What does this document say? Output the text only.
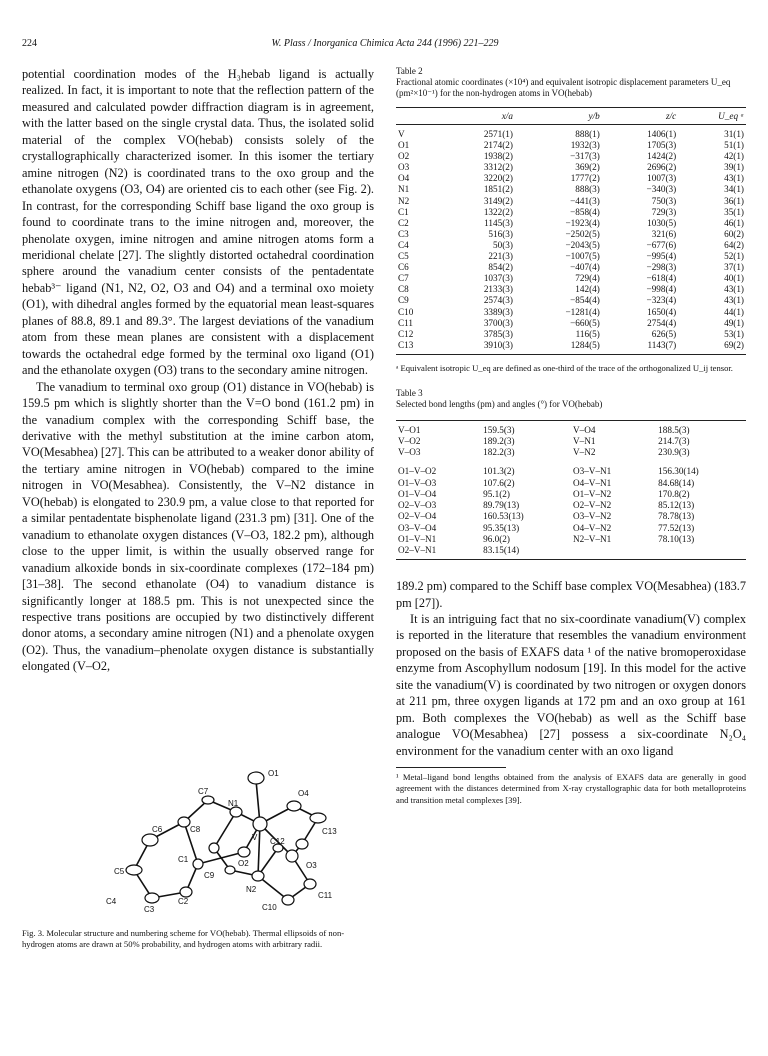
224	W. Plass / Inorganica Chimica Acta 244 (1996) 221–229

potential coordination modes of the H₃hebab ligand is actually realized. In fact, it is important to note that the reflection pattern of the measured and calculated powder diffraction diagram is in agreement, with the latter based on the single crystal data. Thus, the isolated solid material of the complex VO(hebab) consists solely of the crystallographically characterized isomer. In this isomer the tertiary amine nitrogen (N2) is coordinated trans to the oxo group and the ethanolate oxygens (O3, O4) are oriented cis to each other (see Fig. 2). In contrast, for the corresponding Schiff base ligand the oxo group is found to coordinate trans to the imine nitrogen and, moreover, the phenolate oxygen, imine nitrogen and amine nitrogen atoms form a meridional chelate [27]. The slightly distorted octahedral coordination sphere around the vanadium center consists of the pentadentate hebab³⁻ ligand (N1, N2, O2, O3 and O4) and a terminal oxo moiety (O1), with dihedral angles formed by the equatorial mean least-squares planes of 88.8, 89.1 and 89.3°. The largest deviations of the vanadium atom from these mean planes are consistent with a displacement towards the octahedral edge formed by the terminal oxo ligand (O1) and the ethanolate oxygen (O3) trans to the secondary amine nitrogen.

The vanadium to terminal oxo group (O1) distance in VO(hebab) is 159.5 pm which is slightly shorter than the V=O bond (161.2 pm) in the vanadium complex with the corresponding Schiff base, the derivative with the methyl substitution at the imine carbon atom, VO(Mesabhea) [27]. This can be attributed to a weaker donor ability of the tertiary amine nitrogen in VO(hebab) compared to the imine nitrogen in VO(Mesabhea). Consistently, the V–N2 distance in VO(hebab) is elongated to 230.9 pm, a value close to that reported for a similar pentadentate bisphenolate ligand (231.3 pm) [31]. One of the vanadium to ethanolate oxygen distances (V–O3, 182.2 pm), although close to the upper limit, is within the usually observed range for vanadium alkoxide bonds in six-coordinate complexes (172–184 pm) [31–38]. The second ethanolate (O4) to vanadium distance is significantly longer at 188.5 pm. This is not unexpected since the respective trans positions are occupied by two distinctively different donor atoms, a secondary amine nitrogen (N1) and a phenolate oxygen (O2). Thus, the vanadium–phenolate oxygen distance is substantially elongated (V–O2,

O1
O4
V
N1
C7
C6	C8
C5
C13
O2
C12
O3
C1
C9
N2
C4	C2
C11
C10
C3

Fig. 3. Molecular structure and numbering scheme for VO(hebab). Thermal ellipsoids of non-hydrogen atoms are drawn at 50% probability, and hydrogen atoms with arbitrary radii.

Table 2

Fractional atomic coordinates (×10⁴) and equivalent isotropic displacement parameters U_eq (pm²×10⁻¹) for the non-hydrogen atoms in VO(hebab)

	x/a	y/b	z/c	U_eq ᵃ
V	2571(1)	888(1)	1406(1)	31(1)
O1	2174(2)	1932(3)	1705(3)	51(1)
O2	1938(2)	−317(3)	1424(2)	42(1)
O3	3312(2)	369(2)	2696(2)	39(1)
O4	3220(2)	1777(2)	1007(3)	43(1)
N1	1851(2)	888(3)	−340(3)	34(1)
N2	3149(2)	−441(3)	750(3)	36(1)
C1	1322(2)	−858(4)	729(3)	35(1)
C2	1145(3)	−1923(4)	1030(5)	46(1)
C3	516(3)	−2502(5)	321(6)	60(2)
C4	50(3)	−2043(5)	−677(6)	64(2)
C5	221(3)	−1007(5)	−995(4)	52(1)
C6	854(2)	−407(4)	−298(3)	37(1)
C7	1037(3)	729(4)	−618(4)	40(1)
C8	2133(3)	142(4)	−998(4)	43(1)
C9	2574(3)	−854(4)	−323(4)	43(1)
C10	3389(3)	−1281(4)	1650(4)	44(1)
C11	3700(3)	−660(5)	2754(4)	49(1)
C12	3785(3)	116(5)	626(5)	53(1)
C13	3910(3)	1284(5)	1143(7)	69(2)

ᵃ Equivalent isotropic U_eq are defined as one-third of the trace of the orthogonalized U_ij tensor.

Table 3

Selected bond lengths (pm) and angles (°) for VO(hebab)

V–O1	159.5(3)	V–O4	188.5(3)
V–O2	189.2(3)	V–N1	214.7(3)
V–O3	182.2(3)	V–N2	230.9(3)
O1–V–O2	101.3(2)	O3–V–N1	156.30(14)
O1–V–O3	107.6(2)	O4–V–N1	84.68(14)
O1–V–O4	95.1(2)	O1–V–N2	170.8(2)
O2–V–O3	89.79(13)	O2–V–N2	85.12(13)
O2–V–O4	160.53(13)	O3–V–N2	78.78(13)
O3–V–O4	95.35(13)	O4–V–N2	77.52(13)
O1–V–N1	96.0(2)	N2–V–N1	78.10(13)
O2–V–N1	83.15(14)		

189.2 pm) compared to the Schiff base complex VO(Mesabhea) (183.7 pm [27]).

It is an intriguing fact that no six-coordinate vanadium(V) complex is reported in the literature that resembles the vanadium environment proposed on the basis of EXAFS data ¹ of the native bromoperoxidase enzyme from Ascophyllum nodosum [19]. In this model for the active site the vanadium(V) is coordinated by two nitrogen or oxygen donors at 211 pm, three oxygen ligands at 172 pm and an oxo group at 161 pm. Both complexes the VO(hebab) as well as the Schiff base analogue VO(Mesabhea) [27] possess a six-coordinate N₂O₄ environment for the vanadium center with an oxo ligand

¹ Metal–ligand bond lengths obtained from the analysis of EXAFS data are generally in good agreement with the distances determined from X-ray crystallographic data for both metalloproteins and transition metal complexes [39].
